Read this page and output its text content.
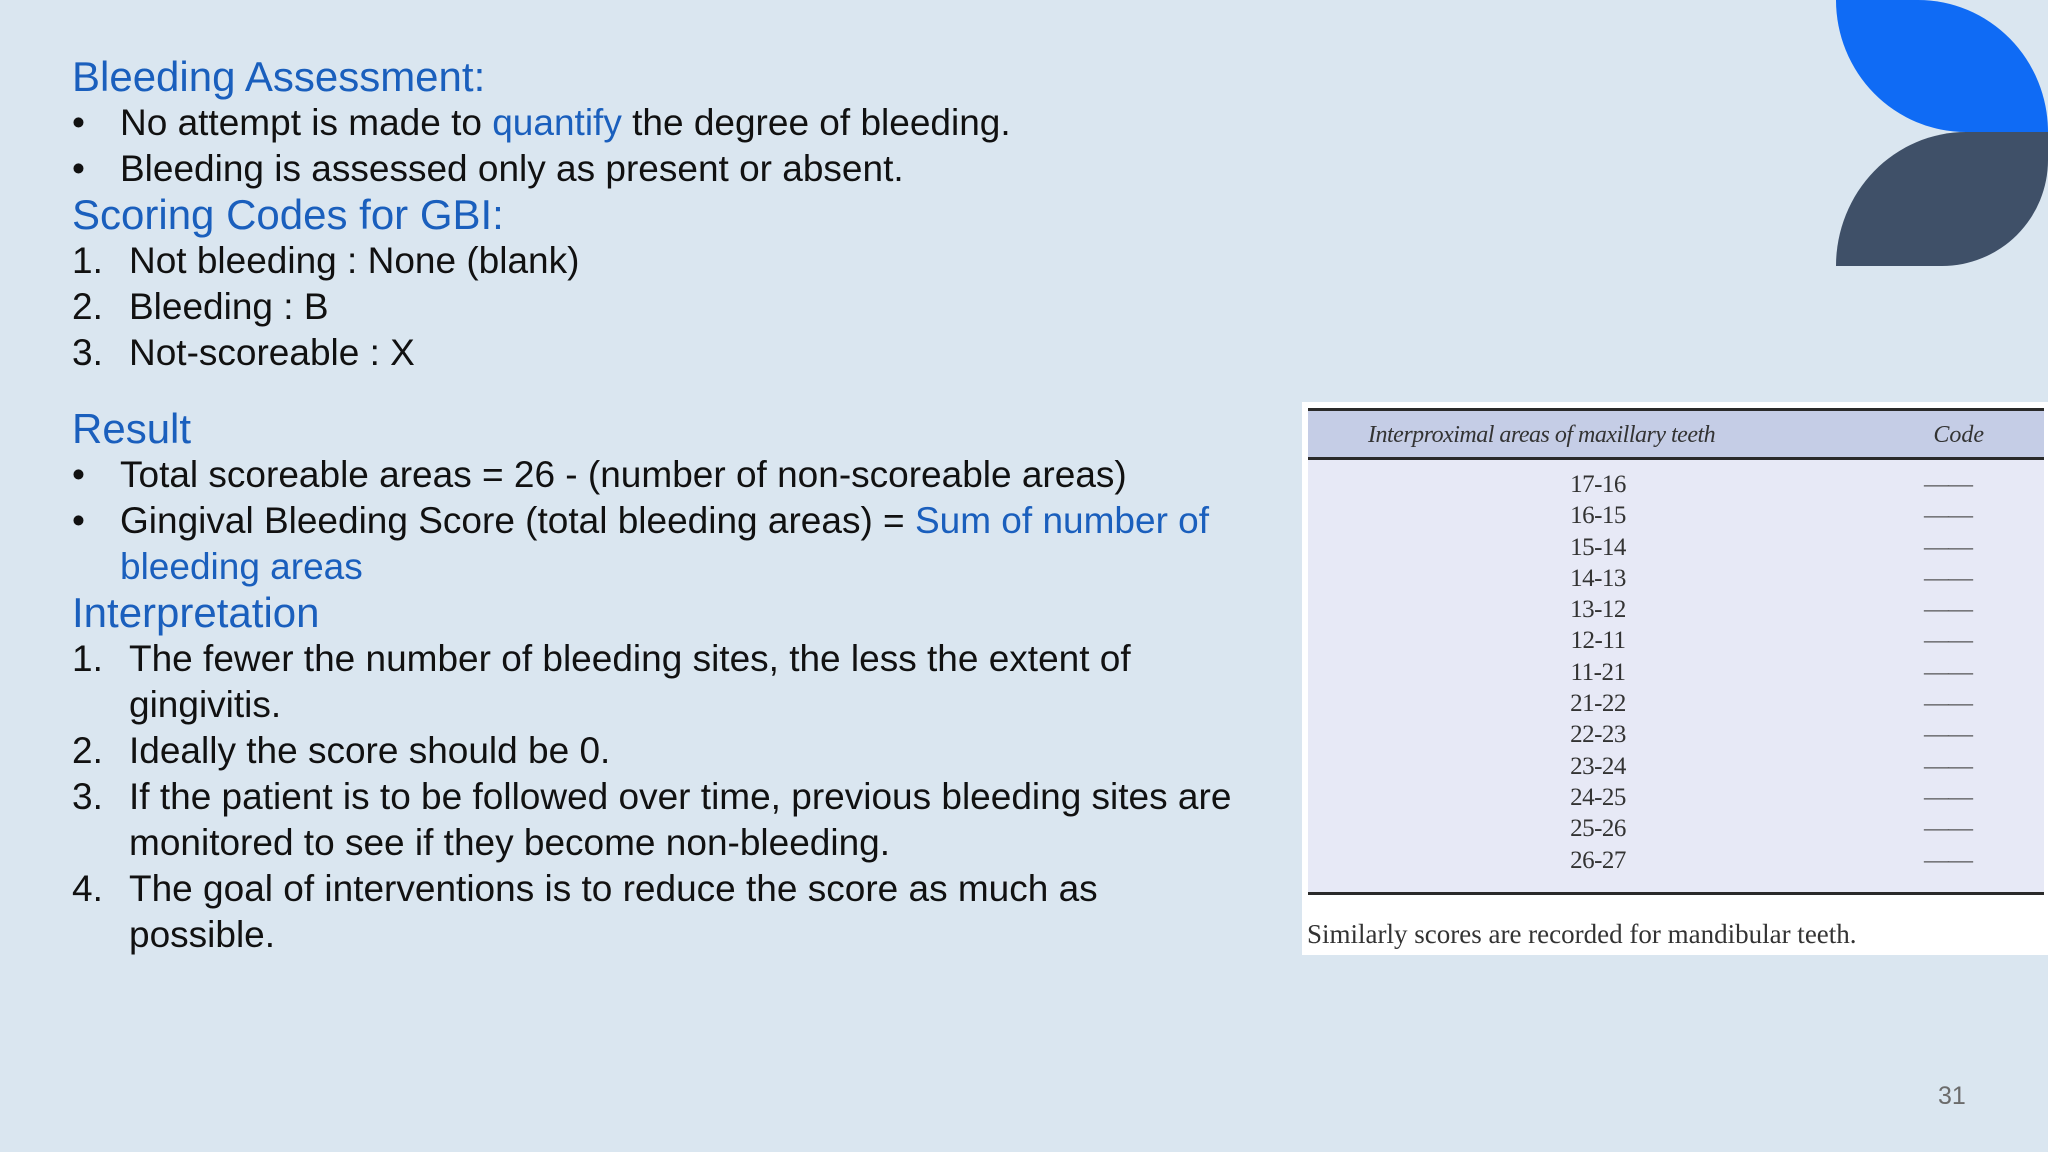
Bleeding Assessment:
• No attempt is made to quantify the degree of bleeding.
• Bleeding is assessed only as present or absent.
Scoring Codes for GBI:
1. Not bleeding : None (blank)
2. Bleeding : B
3. Not-scoreable : X
Result
• Total scoreable areas = 26 - (number of non-scoreable areas)
• Gingival Bleeding Score (total bleeding areas) = Sum of number of
bleeding areas
Interpretation
1. The fewer the number of bleeding sites, the less the extent of
gingivitis.
2. Ideally the score should be 0.
3. If the patient is to be followed over time, previous bleeding sites are
monitored to see if they become non-bleeding.
4. The goal of interventions is to reduce the score as much as
possible.
Interproximal areas of maxillary teeth	Code
17-16	——
16-15	——
15-14	——
14-13	——
13-12	——
12-11	——
11-21	——
21-22	——
22-23	——
23-24	——
24-25	——
25-26	——
26-27	——
Similarly scores are recorded for mandibular teeth.
31
